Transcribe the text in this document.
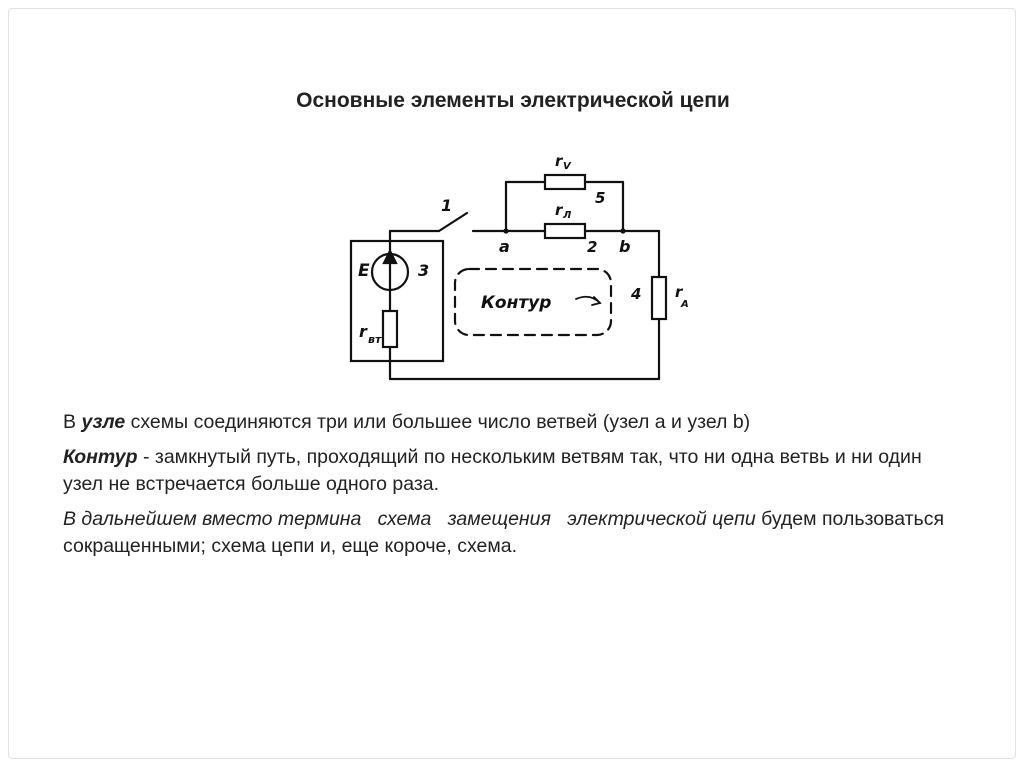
Основные элементы электрической цепи
1
E	3
r вт
a	b
2
4
5
r V
r Л
r
A
Контур

В узле схемы соединяются три или большее число ветвей (узел a и узел b)

Контур - замкнутый путь, проходящий по нескольким ветвям так, что ни одна ветвь и ни один узел не встречается больше одного раза.

В дальнейшем вместо термина   схема   замещения   электрической цепи будем пользоваться сокращенными; схема цепи и, еще короче, схема.
